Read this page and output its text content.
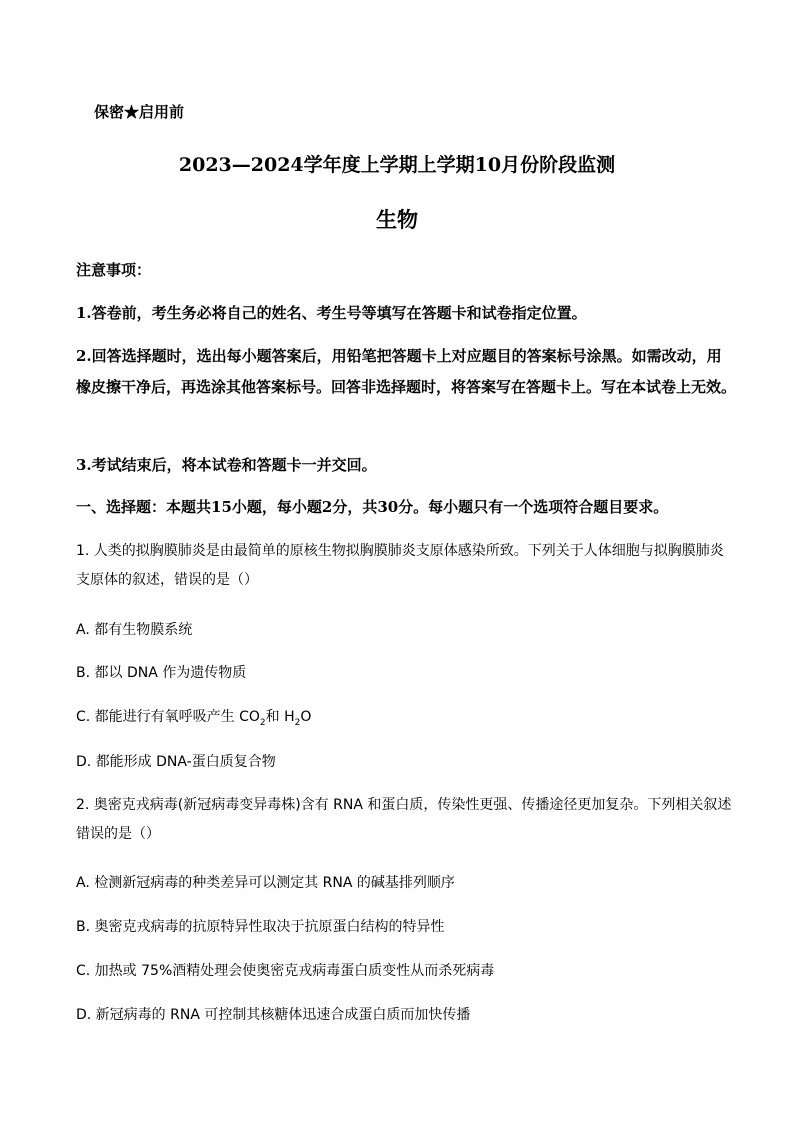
保密★启用前
2023—2024学年度上学期上学期10月份阶段监测
生物
注意事项：
1.答卷前，考生务必将自己的姓名、考生号等填写在答题卡和试卷指定位置。
2.回答选择题时，选出每小题答案后，用铅笔把答题卡上对应题目的答案标号涂黑。如需改动，用橡皮擦干净后，再选涂其他答案标号。回答非选择题时，将答案写在答题卡上。写在本试卷上无效。
3.考试结束后，将本试卷和答题卡一并交回。
一、选择题：本题共15小题，每小题2分，共30分。每小题只有一个选项符合题目要求。
1. 人类的拟胸膜肺炎是由最简单的原核生物拟胸膜肺炎支原体感染所致。下列关于人体细胞与拟胸膜肺炎支原体的叙述，错误的是（）
A. 都有生物膜系统
B. 都以 DNA 作为遗传物质
C. 都能进行有氧呼吸产生 $CO_2$和 $H_2O$
D. 都能形成 DNA-蛋白质复合物
2. 奥密克戎病毒(新冠病毒变异毒株)含有 RNA 和蛋白质，传染性更强、传播途径更加复杂。下列相关叙述错误的是（）
A. 检测新冠病毒的种类差异可以测定其 RNA 的碱基排列顺序
B. 奥密克戎病毒的抗原特异性取决于抗原蛋白结构的特异性
C. 加热或 75%酒精处理会使奥密克戎病毒蛋白质变性从而杀死病毒
D. 新冠病毒的 RNA 可控制其核糖体迅速合成蛋白质而加快传播
